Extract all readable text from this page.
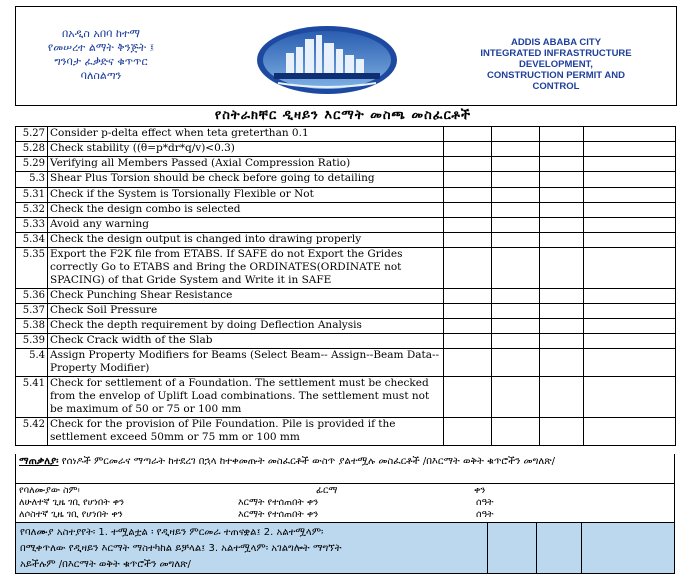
በአዲስ አበባ ከተማ
የመሠረተ ልማት ቅንጅት ፤
ግንባታ ፈቃድና ቁጥጥር
ባለስልጣን
ADDIS ABABA CITY
INTEGRATED INFRASTRUCTURE
DEVELOPMENT,
CONSTRUCTION PERMIT AND
CONTROL
የስትራክቸር ዲዛይን እርማት መስጫ መስፈርቶች
5.27 Consider p-delta effect when teta greterthan 0.1
5.28 Check stability ((θ=p*dr*q/v)<0.3)
5.29 Verifying all Members Passed (Axial Compression Ratio)
5.3 Shear Plus Torsion should be check before going to detailing
5.31 Check if the System is Torsionally Flexible or Not
5.32 Check the design combo is selected
5.33 Avoid any warning
5.34 Check the design output is changed into drawing properly
5.35 Export the F2K file from ETABS. If SAFE do not Export the Grides correctly Go to ETABS and Bring the ORDINATES(ORDINATE not SPACING) of that Gride System and Write it in SAFE
5.36 Check Punching Shear Resistance
5.37 Check Soil Pressure
5.38 Check the depth requirement by doing Deflection Analysis
5.39 Check Crack width of the Slab
5.4 Assign Property Modifiers for Beams (Select Beam-- Assign--Beam Data--Property Modifier)
5.41 Check for settlement of a Foundation. The settlement must be checked from the envelop of Uplift Load combinations. The settlement must not be maximum of 50 or 75 or 100 mm
5.42 Check for the provision of Pile Foundation. Pile is provided if the settlement exceed 50mm or 75 mm or 100 mm
ማጠቃለያ፡ የሰነዶች ምርመራና ማጣራት ከተደረገ በኋላ ከተቀመጡት መስፈርቶች ውስጥ ያልተሟሉ መስፈርቶች /በእርማት ወቅት ቁጥሮችን መግለጽ/
የባለሙያው ስም፡	ፊርማ	ቀን
ለሁለተኛ ጊዜ ገቢ የሆነበት ቀን	እርማት የተሰጠበት ቀን	ሰዓት
ለሶስተኛ ጊዜ ገቢ የሆነበት ቀን	እርማት የተሰጠበት ቀን	ሰዓት
የባለሙያ አስተያየት፡ 1. ተሟልቷል ፡ የዲዛይን ምርመራ ተጠናቋል፤ 2. አልተሟላም፡
በሚቀጥለው የዲዛይን እርማት ማስተካከል ይቻላል፤ 3. አልተሟላም፡ አገልግሎት ማግኘት
አይችሉም /በእርማት ወቅት ቁጥሮችን መግለጽ/
